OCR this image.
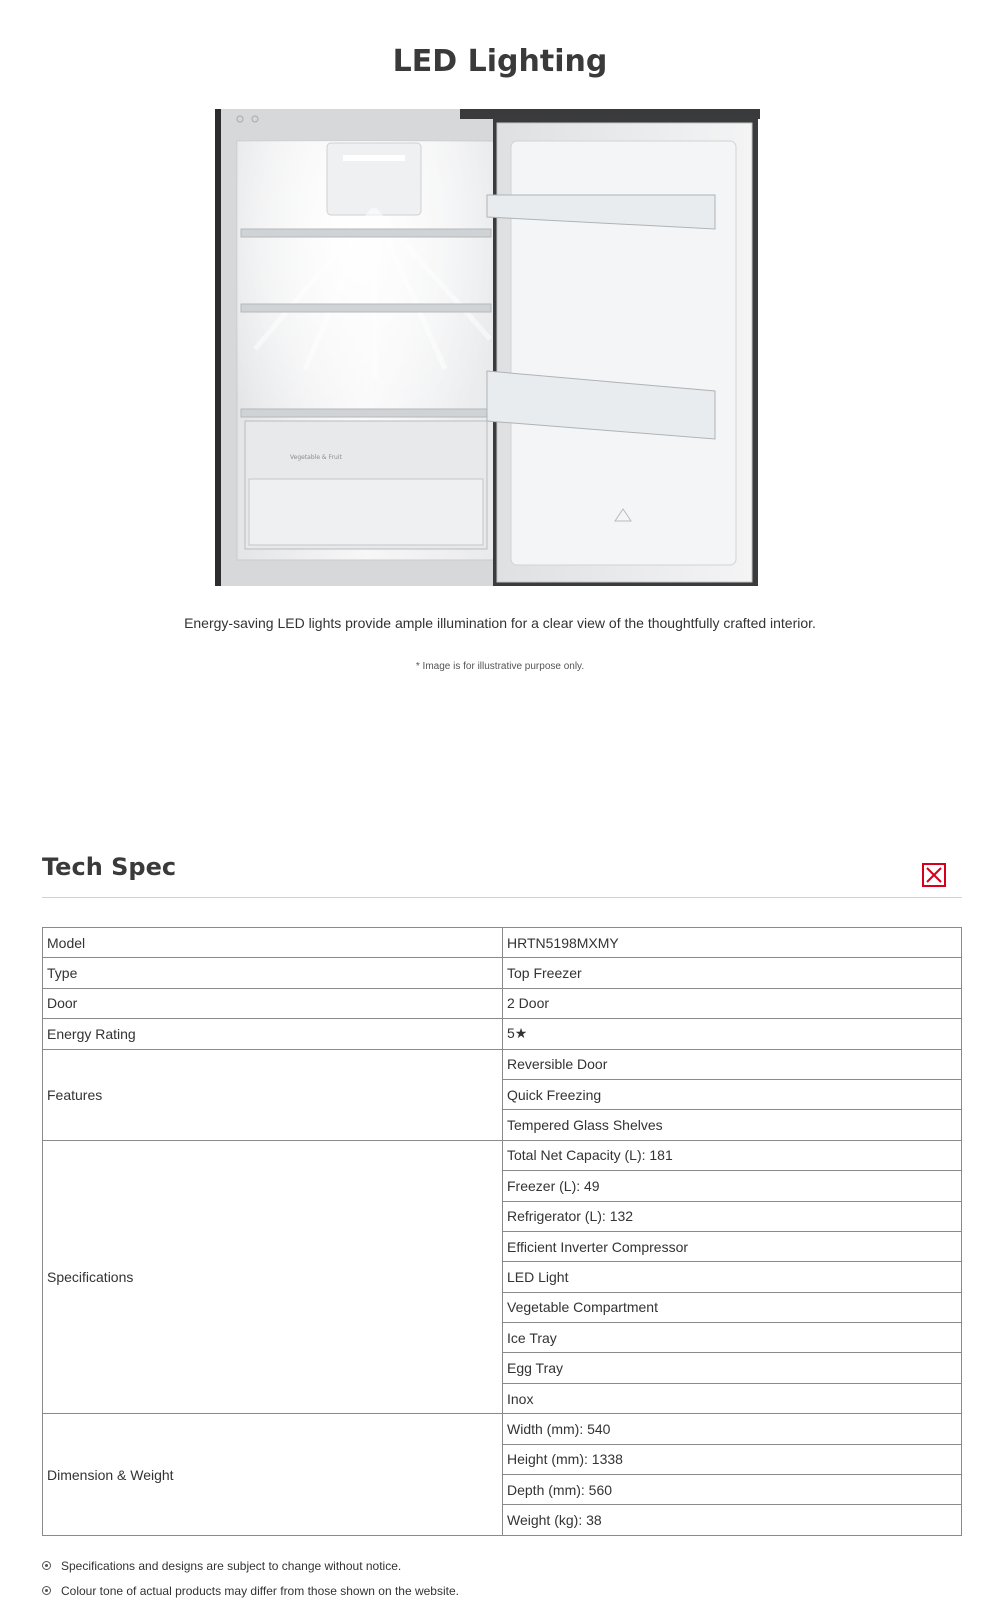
LED Lighting
Vegetable & Fruit

Energy-saving LED lights provide ample illumination for a clear view of the thoughtfully crafted interior.

* Image is for illustrative purpose only.

Tech Spec
Model	HRTN5198MXMY
Type	Top Freezer
Door	2 Door
Energy Rating	5★
Features	Reversible Door
	Quick Freezing
	Tempered Glass Shelves
Specifications	Total Net Capacity (L): 181
	Freezer (L): 49
	Refrigerator (L): 132
	Efficient Inverter Compressor
	LED Light
	Vegetable Compartment
	Ice Tray
	Egg Tray
	Inox
Dimension & Weight	Width (mm): 540
	Height (mm): 1338
	Depth (mm): 560
	Weight (kg): 38
Specifications and designs are subject to change without notice.
Colour tone of actual products may differ from those shown on the website.
